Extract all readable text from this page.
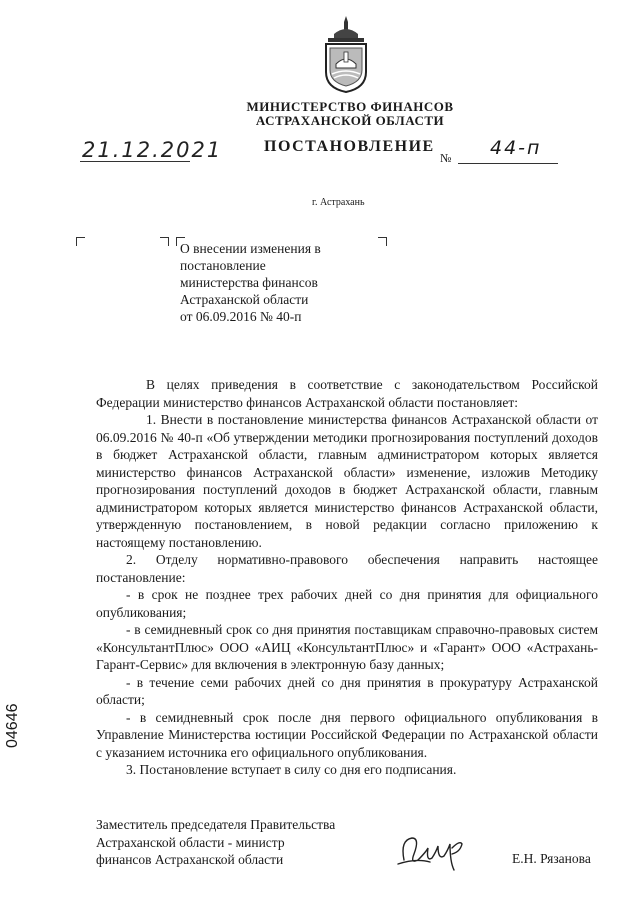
МИНИСТЕРСТВО ФИНАНСОВ
АСТРАХАНСКОЙ ОБЛАСТИ
21.12.2021	ПОСТАНОВЛЕНИЕ
№ 44-п
г. Астрахань
О внесении изменения в
постановление
министерства финансов
Астраханской области
от 06.09.2016 № 40-п

В целях приведения в соответствие с законодательством Российской Федерации министерство финансов Астраханской области постановляет:

1. Внести в постановление министерства финансов Астраханской области от 06.09.2016 № 40-п «Об утверждении методики прогнозирования поступлений доходов в бюджет Астраханской области, главным администратором которых является министерство финансов Астраханской области» изменение, изложив Методику прогнозирования поступлений доходов в бюджет Астраханской области, главным администратором которых является министерство финансов Астраханской области, утвержденную постановлением, в новой редакции согласно приложению к настоящему постановлению.

2. Отделу нормативно-правового обеспечения направить настоящее постановление:

- в срок не позднее трех рабочих дней со дня принятия для официального опубликования;

- в семидневный срок со дня принятия поставщикам справочно-правовых систем «КонсультантПлюс» ООО «АИЦ «КонсультантПлюс» и «Гарант» ООО «Астрахань-Гарант-Сервис» для включения в электронную базу данных;

- в течение семи рабочих дней со дня принятия в прокуратуру Астраханской области;

- в семидневный срок после дня первого официального опубликования в Управление Министерства юстиции Российской Федерации по Астраханской области с указанием источника его официального опубликования.

3. Постановление вступает в силу со дня его подписания.

Заместитель председателя Правительства
Астраханской области - министр
финансов Астраханской области	Е.Н. Рязанова
04646
